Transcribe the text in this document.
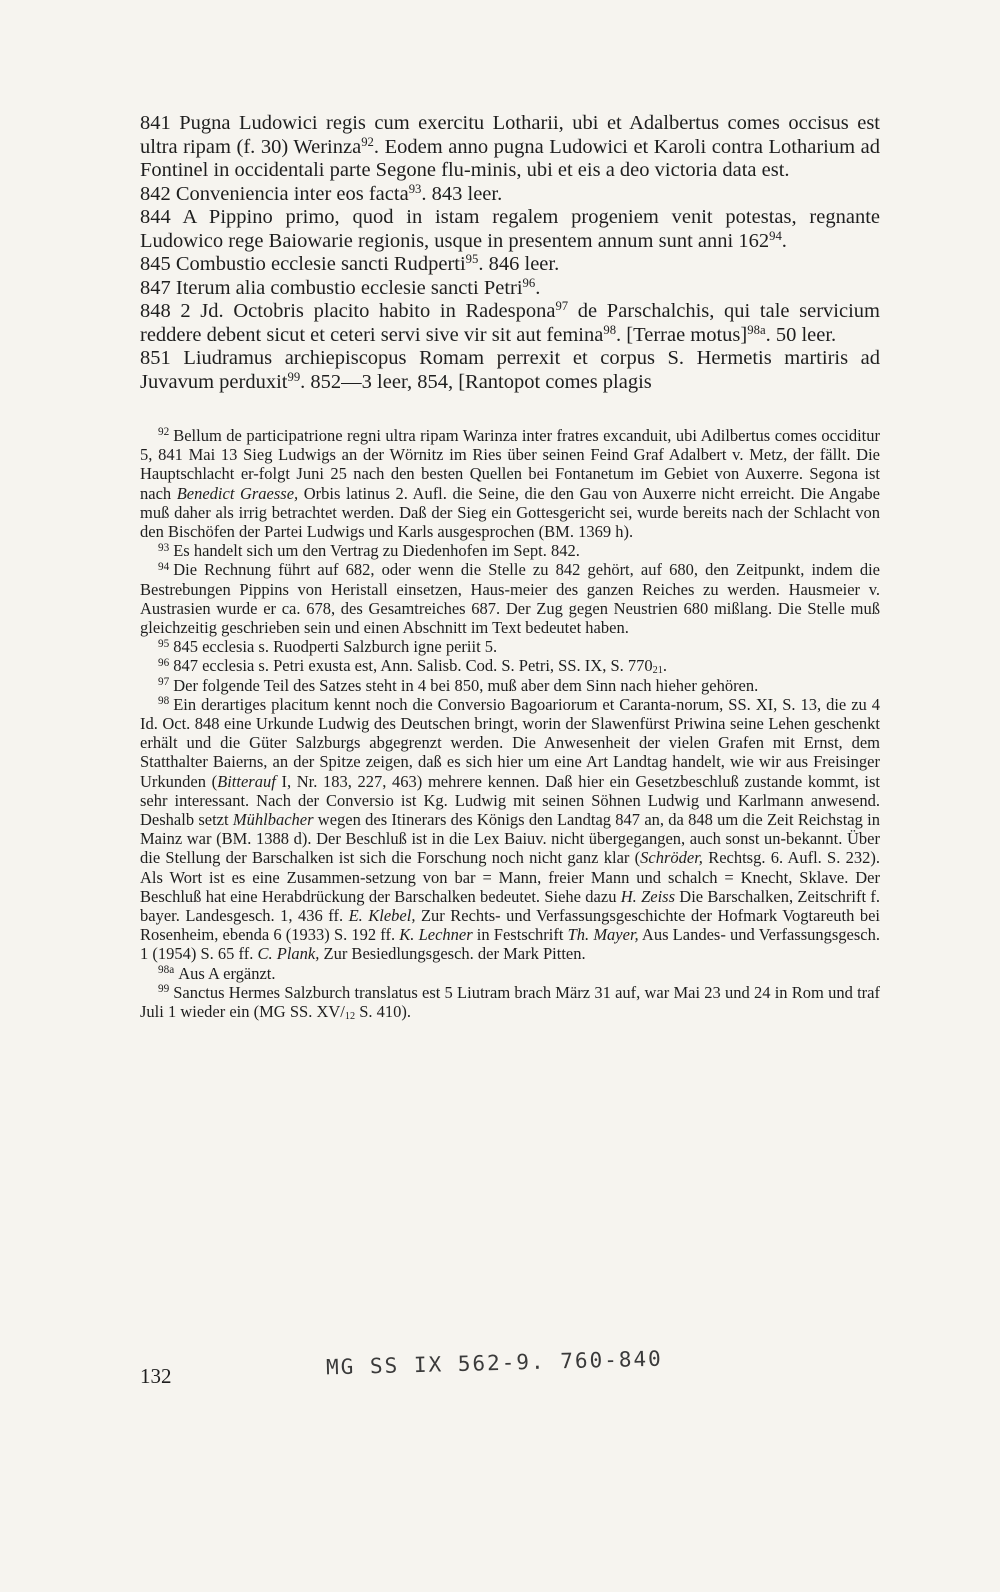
841 Pugna Ludowici regis cum exercitu Lotharii, ubi et Adalbertus comes occisus est ultra ripam (f. 30) Werinza$^{92}$. Eodem anno pugna Ludowici et Karoli contra Lotharium ad Fontinel in occidentali parte Segone flu-minis, ubi et eis a deo victoria data est.

842 Conveniencia inter eos facta$^{93}$. 843 leer.

844 A Pippino primo, quod in istam regalem progeniem venit potestas, regnante Ludowico rege Baiowarie regionis, usque in presentem annum sunt anni $162^{94}$.

845 Combustio ecclesie sancti Rudperti$^{95}$. 846 leer.

847 Iterum alia combustio ecclesie sancti Petri$^{96}$.

848 2 Jd. Octobris placito habito in Radespona$^{97}$ de Parschalchis, qui tale servicium reddere debent sicut et ceteri servi sive vir sit aut femina$^{98}$. [Terrae motus]$^{98a}$. 50 leer.

851 Liudramus archiepiscopus Romam perrexit et corpus S. Hermetis martiris ad Juvavum perduxit$^{99}$. 852—3 leer, 854, [Rantopot comes plagis

$^{92}$ Bellum de participatrione regni ultra ripam Warinza inter fratres excanduit, ubi Adilbertus comes occiditur 5, 841 Mai 13 Sieg Ludwigs an der Wörnitz im Ries über seinen Feind Graf Adalbert v. Metz, der fällt. Die Hauptschlacht er-folgt Juni 25 nach den besten Quellen bei Fontanetum im Gebiet von Auxerre. Segona ist nach Benedict Graesse, Orbis latinus 2. Aufl. die Seine, die den Gau von Auxerre nicht erreicht. Die Angabe muß daher als irrig betrachtet werden. Daß der Sieg ein Gottesgericht sei, wurde bereits nach der Schlacht von den Bischöfen der Partei Ludwigs und Karls ausgesprochen (BM. 1369 h).

$^{93}$ Es handelt sich um den Vertrag zu Diedenhofen im Sept. 842.

$^{94}$ Die Rechnung führt auf 682, oder wenn die Stelle zu 842 gehört, auf 680, den Zeitpunkt, indem die Bestrebungen Pippins von Heristall einsetzen, Haus-meier des ganzen Reiches zu werden. Hausmeier v. Austrasien wurde er ca. 678, des Gesamtreiches 687. Der Zug gegen Neustrien 680 mißlang. Die Stelle muß gleichzeitig geschrieben sein und einen Abschnitt im Text bedeutet haben.

$^{95}$ 845 ecclesia s. Ruodperti Salzburch igne periit 5.

$^{96}$ 847 ecclesia s. Petri exusta est, Ann. Salisb. Cod. S. Petri, SS. IX, S. $770_{21}$.

$^{97}$ Der folgende Teil des Satzes steht in 4 bei 850, muß aber dem Sinn nach hieher gehören.

$^{98}$ Ein derartiges placitum kennt noch die Conversio Bagoariorum et Caranta-norum, SS. XI, S. 13, die zu 4 Id. Oct. 848 eine Urkunde Ludwig des Deutschen bringt, worin der Slawenfürst Priwina seine Lehen geschenkt erhält und die Güter Salzburgs abgegrenzt werden. Die Anwesenheit der vielen Grafen mit Ernst, dem Statthalter Baierns, an der Spitze zeigen, daß es sich hier um eine Art Landtag handelt, wie wir aus Freisinger Urkunden (Bitterauf I, Nr. 183, 227, 463) mehrere kennen. Daß hier ein Gesetzbeschluß zustande kommt, ist sehr interessant. Nach der Conversio ist Kg. Ludwig mit seinen Söhnen Ludwig und Karlmann anwesend. Deshalb setzt Mühlbacher wegen des Itinerars des Königs den Landtag 847 an, da 848 um die Zeit Reichstag in Mainz war (BM. 1388 d). Der Beschluß ist in die Lex Baiuv. nicht übergegangen, auch sonst un-bekannt. Über die Stellung der Barschalken ist sich die Forschung noch nicht ganz klar (Schröder, Rechtsg. 6. Aufl. S. 232). Als Wort ist es eine Zusammen-setzung von bar = Mann, freier Mann und schalch = Knecht, Sklave. Der Beschluß hat eine Herabdrückung der Barschalken bedeutet. Siehe dazu H. Zeiss Die Barschalken, Zeitschrift f. bayer. Landesgesch. 1, 436 ff. E. Klebel, Zur Rechts- und Verfassungsgeschichte der Hofmark Vogtareuth bei Rosenheim, ebenda 6 (1933) S. 192 ff. K. Lechner in Festschrift Th. Mayer, Aus Landes- und Verfassungsgesch. 1 (1954) S. 65 ff. C. Plank, Zur Besiedlungsgesch. der Mark Pitten.

$^{98a}$ Aus A ergänzt.

$^{99}$ Sanctus Hermes Salzburch translatus est 5 Liutram brach März 31 auf, war Mai 23 und 24 in Rom und traf Juli 1 wieder ein (MG SS. $XV/_{12}$ S. 410).

132	MG SS IX 562-9. 760-840
